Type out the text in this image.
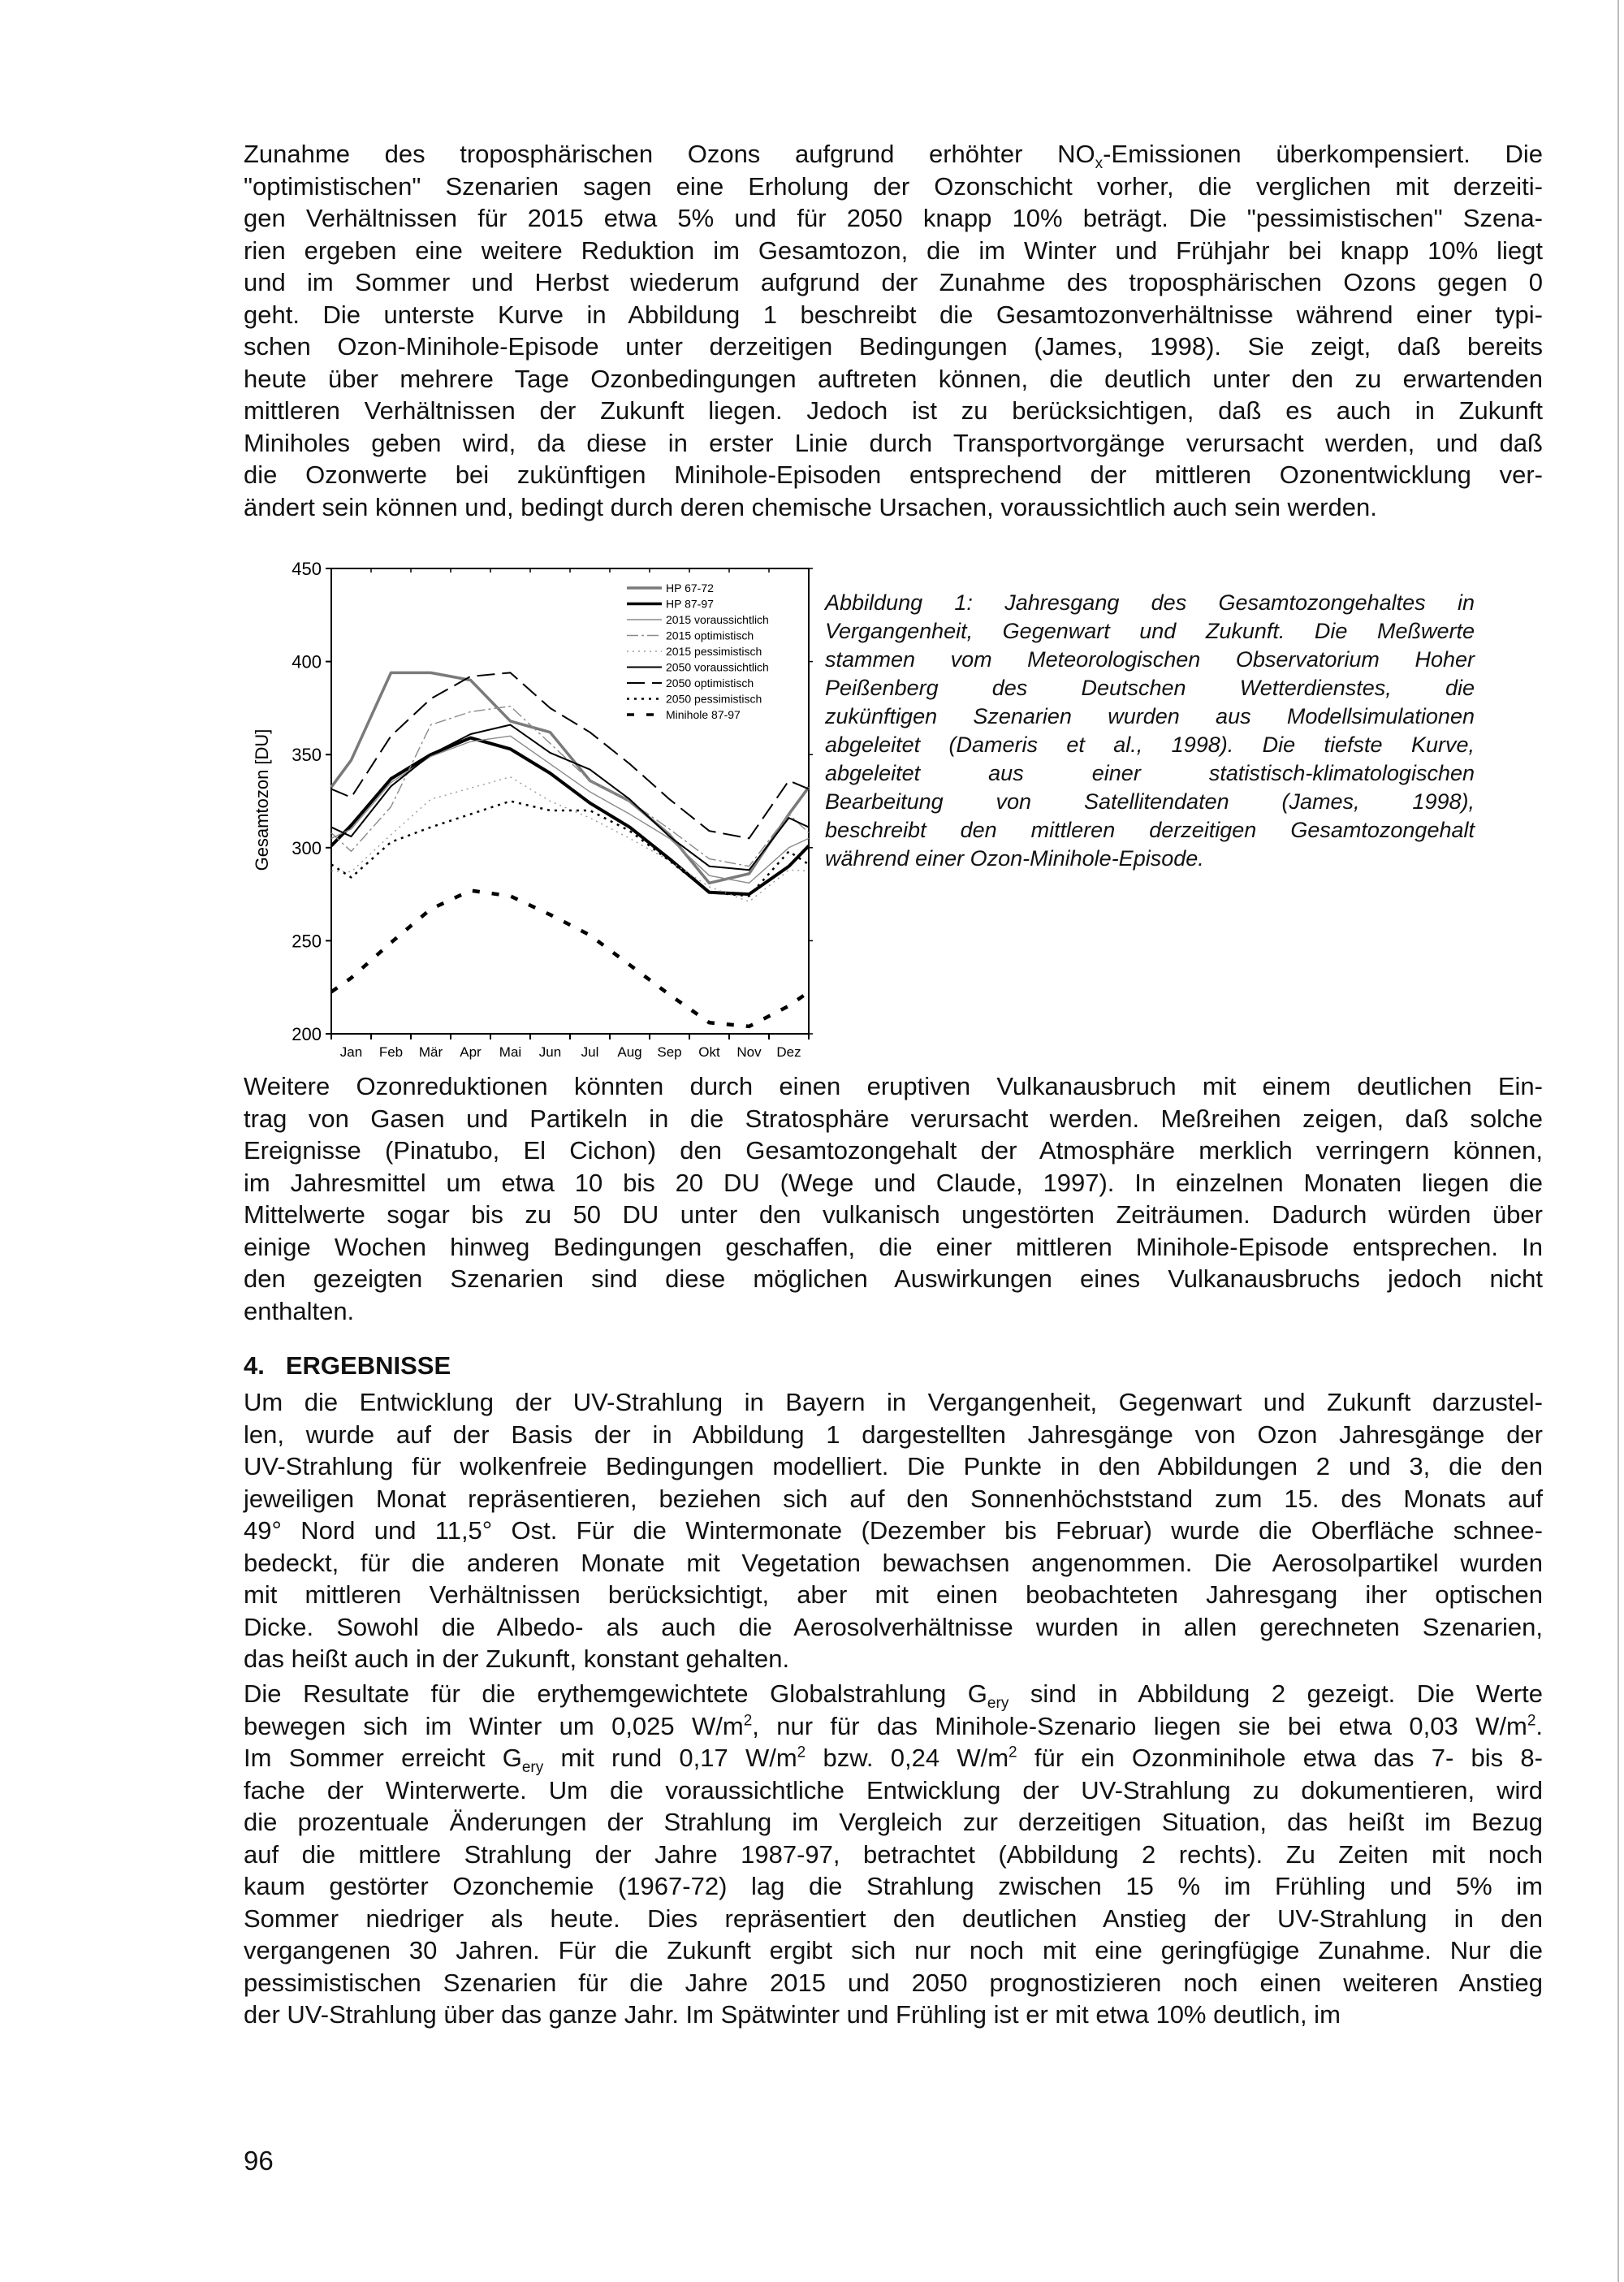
Zunahme des troposphärischen Ozons aufgrund erhöhter $NO_x$-Emissionen überkompensiert. Die
"optimistischen" Szenarien sagen eine Erholung der Ozonschicht vorher, die verglichen mit derzeiti-
gen Verhältnissen für 2015 etwa 5% und für 2050 knapp 10% beträgt. Die "pessimistischen" Szena-
rien ergeben eine weitere Reduktion im Gesamtozon, die im Winter und Frühjahr bei knapp 10% liegt
und im Sommer und Herbst wiederum aufgrund der Zunahme des troposphärischen Ozons gegen 0
geht. Die unterste Kurve in Abbildung 1 beschreibt die Gesamtozonverhältnisse während einer typi-
schen Ozon-Minihole-Episode unter derzeitigen Bedingungen (James, 1998). Sie zeigt, daß bereits
heute über mehrere Tage Ozonbedingungen auftreten können, die deutlich unter den zu erwartenden
mittleren Verhältnissen der Zukunft liegen. Jedoch ist zu berücksichtigen, daß es auch in Zukunft
Miniholes geben wird, da diese in erster Linie durch Transportvorgänge verursacht werden, und daß
die Ozonwerte bei zukünftigen Minihole-Episoden entsprechend der mittleren Ozonentwicklung ver-
ändert sein können und, bedingt durch deren chemische Ursachen, voraussichtlich auch sein werden.
200
250
300
350
400
450
Jan Feb Mär Apr Mai Jun Jul Aug Sep Okt Nov Dez
Gesamtozon [DU]
HP 67-72
HP 87-97
2015 voraussichtlich
2015 optimistisch
2015 pessimistisch
2050 voraussichtlich
2050 optimistisch
2050 pessimistisch
Minihole 87-97
Abbildung 1: Jahresgang des Gesamtozongehaltes in
Vergangenheit, Gegenwart und Zukunft. Die Meßwerte
stammen vom Meteorologischen Observatorium Hoher
Peißenberg des Deutschen Wetterdienstes, die
zukünftigen Szenarien wurden aus Modellsimulationen
abgeleitet (Dameris et al., 1998). Die tiefste Kurve,
abgeleitet aus einer statistisch-klimatologischen
Bearbeitung von Satellitendaten (James, 1998),
beschreibt den mittleren derzeitigen Gesamtozongehalt
während einer Ozon-Minihole-Episode.
Weitere Ozonreduktionen könnten durch einen eruptiven Vulkanausbruch mit einem deutlichen Ein-
trag von Gasen und Partikeln in die Stratosphäre verursacht werden. Meßreihen zeigen, daß solche
Ereignisse (Pinatubo, El Cichon) den Gesamtozongehalt der Atmosphäre merklich verringern können,
im Jahresmittel um etwa 10 bis 20 DU (Wege und Claude, 1997). In einzelnen Monaten liegen die
Mittelwerte sogar bis zu 50 DU unter den vulkanisch ungestörten Zeiträumen. Dadurch würden über
einige Wochen hinweg Bedingungen geschaffen, die einer mittleren Minihole-Episode entsprechen. In
den gezeigten Szenarien sind diese möglichen Auswirkungen eines Vulkanausbruchs jedoch nicht
enthalten.
4. ERGEBNISSE
Um die Entwicklung der UV-Strahlung in Bayern in Vergangenheit, Gegenwart und Zukunft darzustel-
len, wurde auf der Basis der in Abbildung 1 dargestellten Jahresgänge von Ozon Jahresgänge der
UV-Strahlung für wolkenfreie Bedingungen modelliert. Die Punkte in den Abbildungen 2 und 3, die den
jeweiligen Monat repräsentieren, beziehen sich auf den Sonnenhöchststand zum 15. des Monats auf
49° Nord und 11,5° Ost. Für die Wintermonate (Dezember bis Februar) wurde die Oberfläche schnee-
bedeckt, für die anderen Monate mit Vegetation bewachsen angenommen. Die Aerosolpartikel wurden
mit mittleren Verhältnissen berücksichtigt, aber mit einen beobachteten Jahresgang iher optischen
Dicke. Sowohl die Albedo- als auch die Aerosolverhältnisse wurden in allen gerechneten Szenarien,
das heißt auch in der Zukunft, konstant gehalten.
Die Resultate für die erythemgewichtete Globalstrahlung $G_{ery}$ sind in Abbildung 2 gezeigt. Die Werte
bewegen sich im Winter um 0,025 $W/m^2$, nur für das Minihole-Szenario liegen sie bei etwa 0,03 $W/m^2$.
Im Sommer erreicht $G_{ery}$ mit rund 0,17 $W/m^2$ bzw. 0,24 $W/m^2$ für ein Ozonminihole etwa das 7- bis 8-
fache der Winterwerte. Um die voraussichtliche Entwicklung der UV-Strahlung zu dokumentieren, wird
die prozentuale Änderungen der Strahlung im Vergleich zur derzeitigen Situation, das heißt im Bezug
auf die mittlere Strahlung der Jahre 1987-97, betrachtet (Abbildung 2 rechts). Zu Zeiten mit noch
kaum gestörter Ozonchemie (1967-72) lag die Strahlung zwischen 15 % im Frühling und 5% im
Sommer niedriger als heute. Dies repräsentiert den deutlichen Anstieg der UV-Strahlung in den
vergangenen 30 Jahren. Für die Zukunft ergibt sich nur noch mit eine geringfügige Zunahme. Nur die
pessimistischen Szenarien für die Jahre 2015 und 2050 prognostizieren noch einen weiteren Anstieg
der UV-Strahlung über das ganze Jahr. Im Spätwinter und Frühling ist er mit etwa 10% deutlich, im
96
